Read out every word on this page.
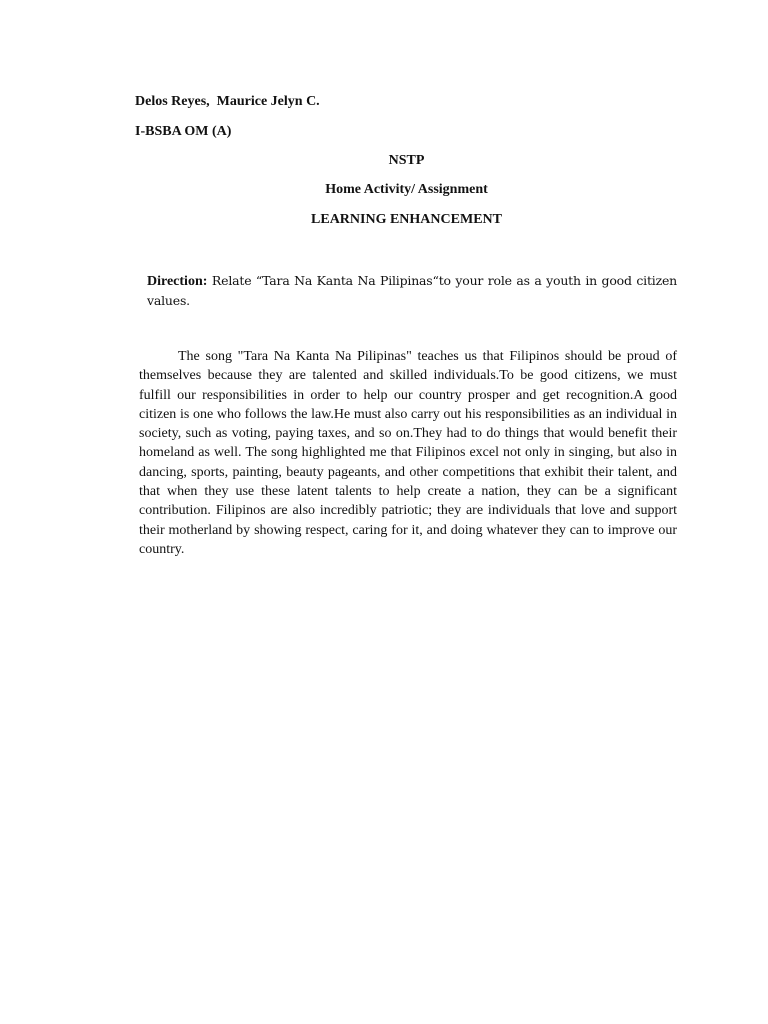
Delos Reyes,  Maurice Jelyn C.
I-BSBA OM (A)
NSTP
Home Activity/ Assignment
LEARNING ENHANCEMENT
Direction: Relate “Tara Na Kanta Na Pilipinas“to your role as a youth in good citizen values.

The song "Tara Na Kanta Na Pilipinas" teaches us that Filipinos should be proud of themselves because they are talented and skilled individuals.To be good citizens, we must fulfill our responsibilities in order to help our country prosper and get recognition.A good citizen is one who follows the law.He must also carry out his responsibilities as an individual in society, such as voting, paying taxes, and so on.They had to do things that would benefit their homeland as well. The song highlighted me that Filipinos excel not only in singing, but also in dancing, sports, painting, beauty pageants, and other competitions that exhibit their talent, and that when they use these latent talents to help create a nation, they can be a significant contribution. Filipinos are also incredibly patriotic; they are individuals that love and support their motherland by showing respect, caring for it, and doing whatever they can to improve our country.
